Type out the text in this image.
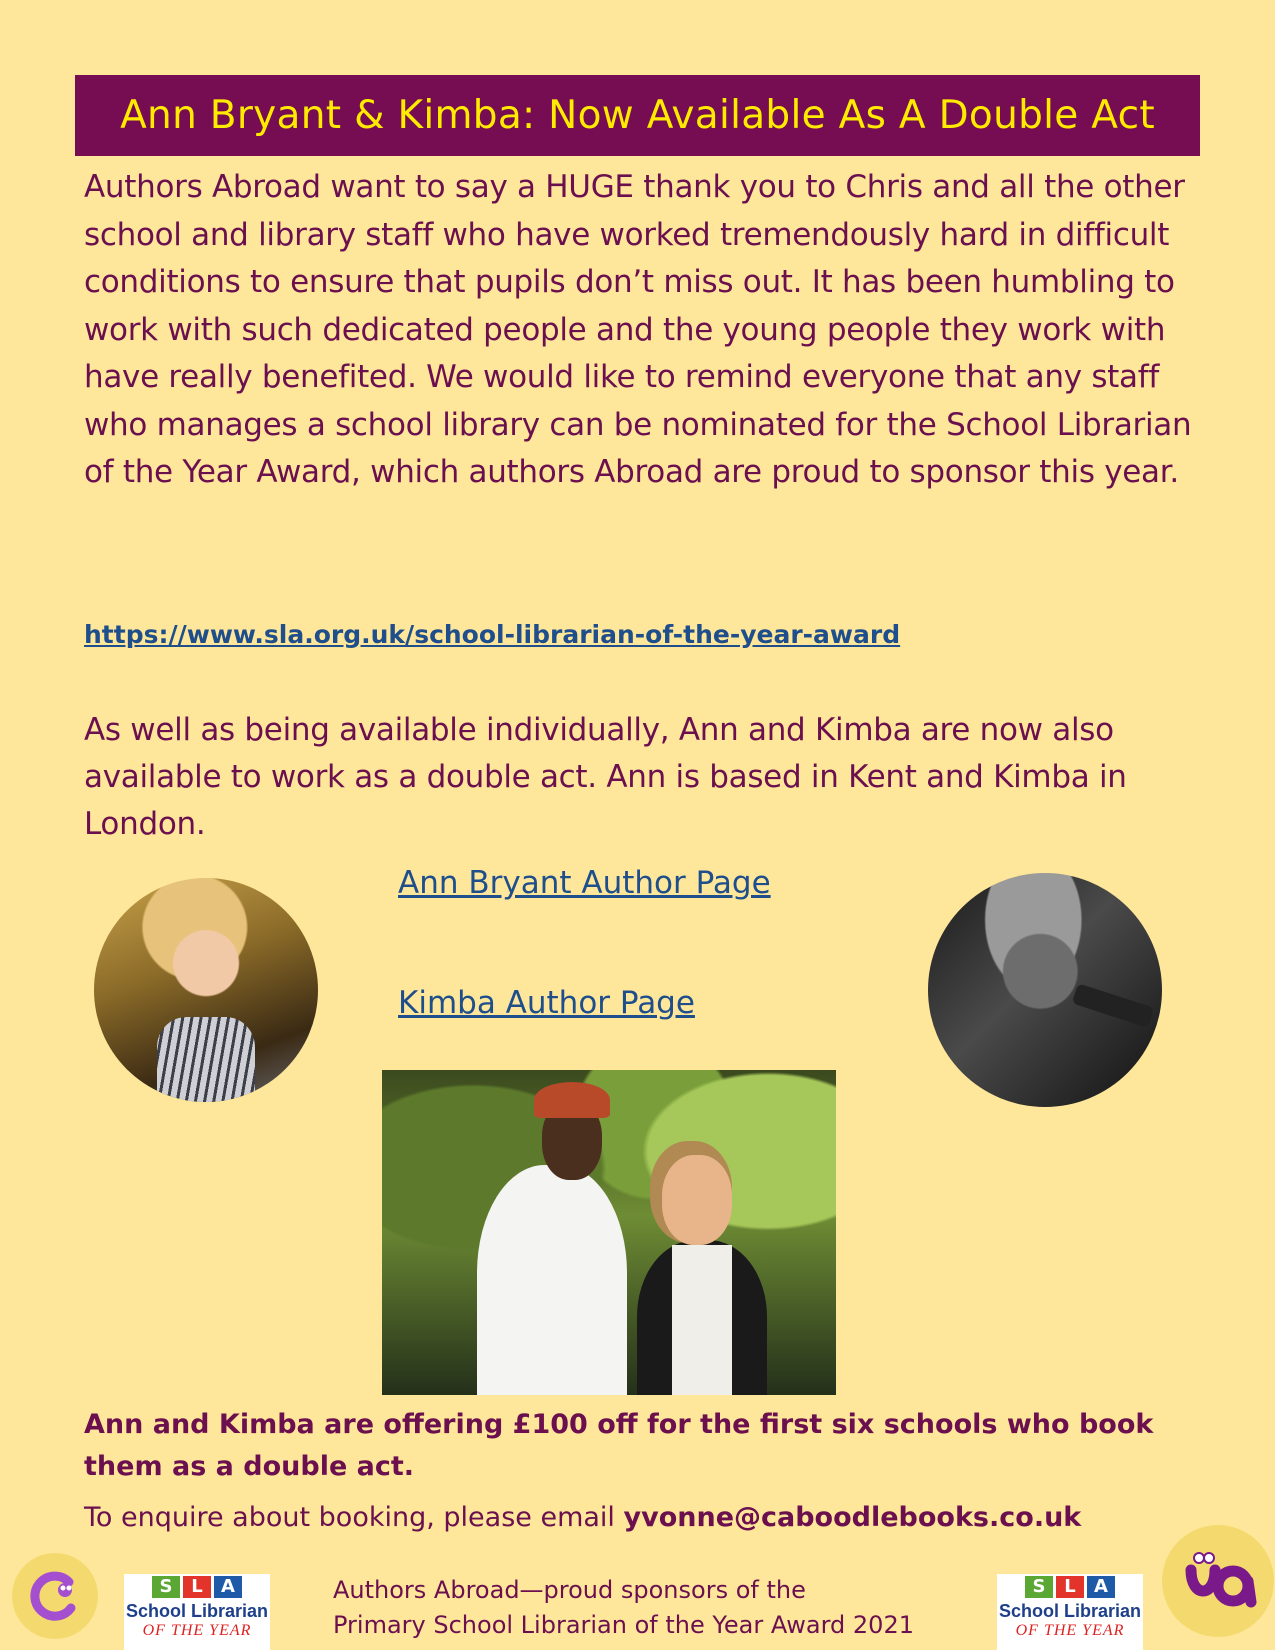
Ann Bryant & Kimba: Now Available As A Double Act

Authors Abroad want to say a HUGE thank you to Chris and all the other school and library staff who have worked tremendously hard in difficult conditions to ensure that pupils don’t miss out. It has been humbling to work with such dedicated people and the young people they work with have really benefited. We would like to remind everyone that any staff who manages a school library can be nominated for the School Librarian of the Year Award, which authors Abroad are proud to sponsor this year.

https://www.sla.org.uk/school-librarian-of-the-year-award

As well as being available individually, Ann and Kimba are now also available to work as a double act. Ann is based in Kent and Kimba in London.

Ann Bryant Author Page
Kimba Author Page

Ann and Kimba are offering £100 off for the first six schools who book them as a double act.

To enquire about booking, please email yvonne@caboodlebooks.co.uk
S	L	A
School Librarian
OF THE YEAR
Authors Abroad—proud sponsors of the
Primary School Librarian of the Year Award 2021
S	L	A
School Librarian
OF THE YEAR
